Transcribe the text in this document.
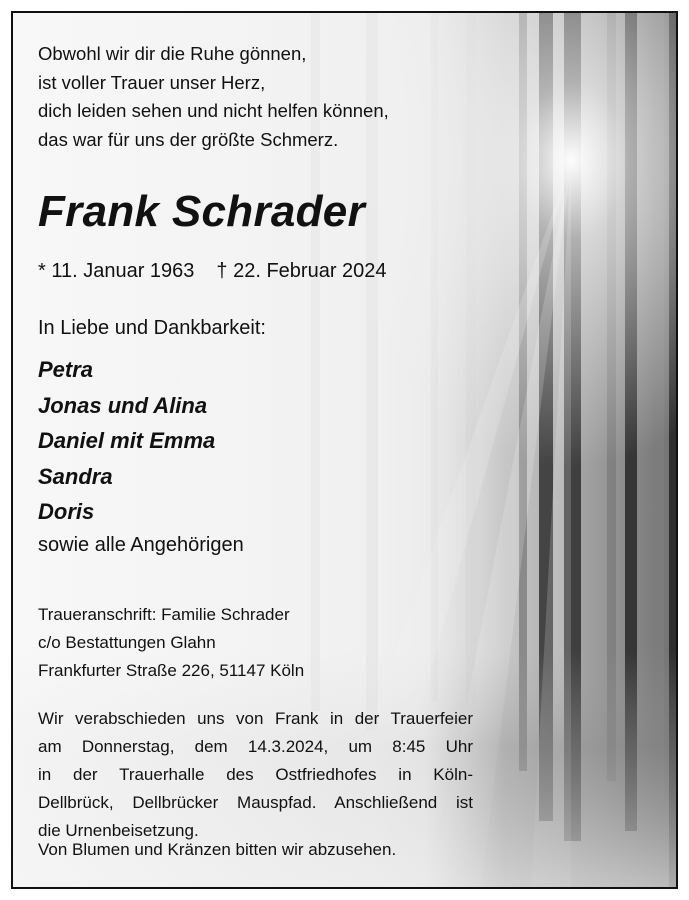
Obwohl wir dir die Ruhe gönnen,
ist voller Trauer unser Herz,
dich leiden sehen und nicht helfen können,
das war für uns der größte Schmerz.
Frank Schrader
* 11. Januar 1963 † 22. Februar 2024
In Liebe und Dankbarkeit:
Petra
Jonas und Alina
Daniel mit Emma
Sandra
Doris
sowie alle Angehörigen
Traueranschrift: Familie Schrader
c/o Bestattungen Glahn
Frankfurter Straße 226, 51147 Köln
Wir verabschieden uns von Frank in der Trauerfeier
am Donnerstag, dem 14.3.2024, um 8:45 Uhr
in der Trauerhalle des Ostfriedhofes in Köln-
Dellbrück, Dellbrücker Mauspfad. Anschließend ist
die Urnenbeisetzung.
Von Blumen und Kränzen bitten wir abzusehen.
